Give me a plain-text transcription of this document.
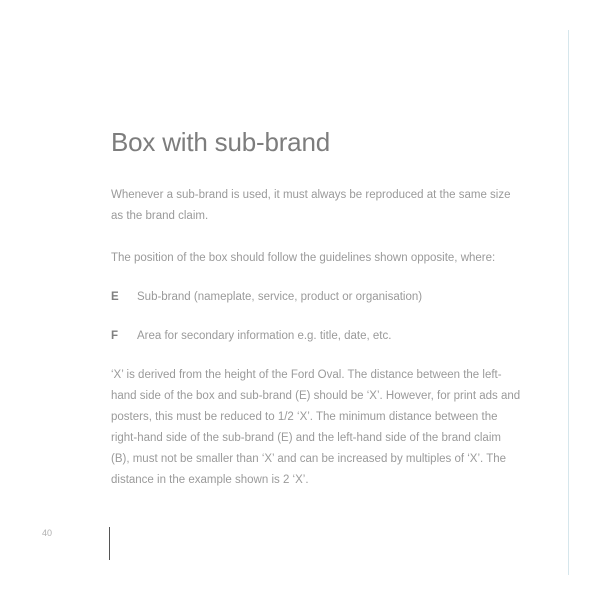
Box with sub-brand

Whenever a sub-brand is used, it must always be reproduced at the same size as the brand claim.

The position of the box should follow the guidelines shown opposite, where:

E	Sub-brand (nameplate, service, product or organisation)
F	Area for secondary information e.g. title, date, etc.

‘X’ is derived from the height of the Ford Oval. The distance between the left-hand side of the box and sub-brand (E) should be ‘X’. However, for print ads and posters, this must be reduced to 1/2 ‘X’. The minimum distance between the right-hand side of the sub-brand (E) and the left-hand side of the brand claim (B), must not be smaller than ‘X’ and can be increased by multiples of ‘X’. The distance in the example shown is 2 ‘X’.

40
